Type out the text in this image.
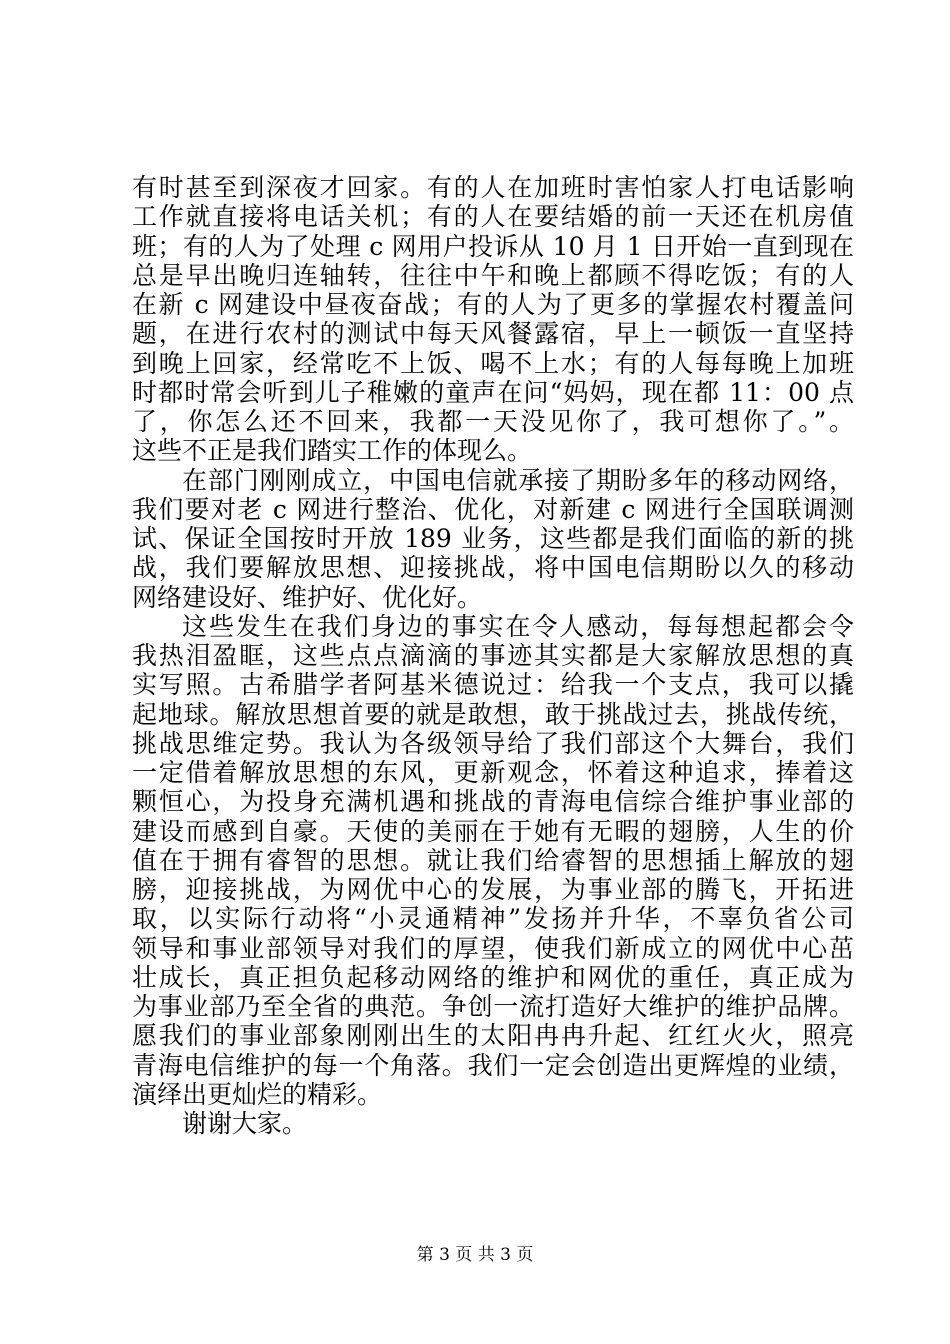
有时甚至到深夜才回家。有的人在加班时害怕家人打电话影响
工作就直接将电话关机；有的人在要结婚的前一天还在机房值
班；有的人为了处理 c 网用户投诉从 10 月 1 日开始一直到现在
总是早出晚归连轴转，往往中午和晚上都顾不得吃饭；有的人
在新 c 网建设中昼夜奋战；有的人为了更多的掌握农村覆盖问
题，在进行农村的测试中每天风餐露宿，早上一顿饭一直坚持
到晚上回家，经常吃不上饭、喝不上水；有的人每每晚上加班
时都时常会听到儿子稚嫩的童声在问“妈妈，现在都 11：00 点
了，你怎么还不回来，我都一天没见你了，我可想你了。”。
这些不正是我们踏实工作的体现么。
在部门刚刚成立，中国电信就承接了期盼多年的移动网络，
我们要对老 c 网进行整治、优化，对新建 c 网进行全国联调测
试、保证全国按时开放 189 业务，这些都是我们面临的新的挑
战，我们要解放思想、迎接挑战，将中国电信期盼以久的移动
网络建设好、维护好、优化好。
这些发生在我们身边的事实在令人感动，每每想起都会令
我热泪盈眶，这些点点滴滴的事迹其实都是大家解放思想的真
实写照。古希腊学者阿基米德说过：给我一个支点，我可以撬
起地球。解放思想首要的就是敢想，敢于挑战过去，挑战传统，
挑战思维定势。我认为各级领导给了我们部这个大舞台，我们
一定借着解放思想的东风，更新观念，怀着这种追求，捧着这
颗恒心，为投身充满机遇和挑战的青海电信综合维护事业部的
建设而感到自豪。天使的美丽在于她有无暇的翅膀，人生的价
值在于拥有睿智的思想。就让我们给睿智的思想插上解放的翅
膀，迎接挑战，为网优中心的发展，为事业部的腾飞，开拓进
取，以实际行动将“小灵通精神”发扬并升华，不辜负省公司
领导和事业部领导对我们的厚望，使我们新成立的网优中心茁
壮成长，真正担负起移动网络的维护和网优的重任，真正成为
为事业部乃至全省的典范。争创一流打造好大维护的维护品牌。
愿我们的事业部象刚刚出生的太阳冉冉升起、红红火火，照亮
青海电信维护的每一个角落。我们一定会创造出更辉煌的业绩，
演绎出更灿烂的精彩。
谢谢大家。
第 3 页 共 3 页
